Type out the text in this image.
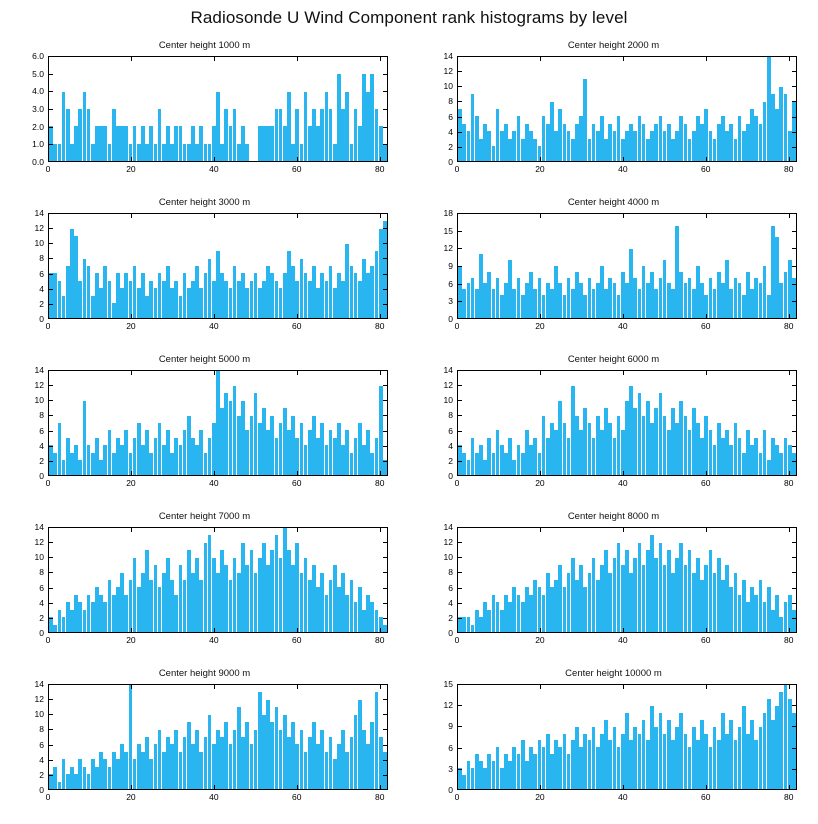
Radiosonde U Wind Component rank histograms by level
Center height 1000 m
0.0
1.0
2.0
3.0
4.0
5.0
6.0
0	20	40	60	80
Center height 2000 m
0
2
4
6
8
10
12
14
0	20	40	60	80
Center height 3000 m
0
2
4
6
8
10
12
14
0	20	40	60	80
Center height 4000 m
0
3
6
9
12
15
18
0	20	40	60	80
Center height 5000 m
0
2
4
6
8
10
12
14
0	20	40	60	80
Center height 6000 m
0
2
4
6
8
10
12
14
0	20	40	60	80
Center height 7000 m
0
2
4
6
8
10
12
14
0	20	40	60	80
Center height 8000 m
0
2
4
6
8
10
12
14
0	20	40	60	80
Center height 9000 m
0
2
4
6
8
10
12
14
0	20	40	60	80
Center height 10000 m
0
3
6
9
12
15
0	20	40	60	80
